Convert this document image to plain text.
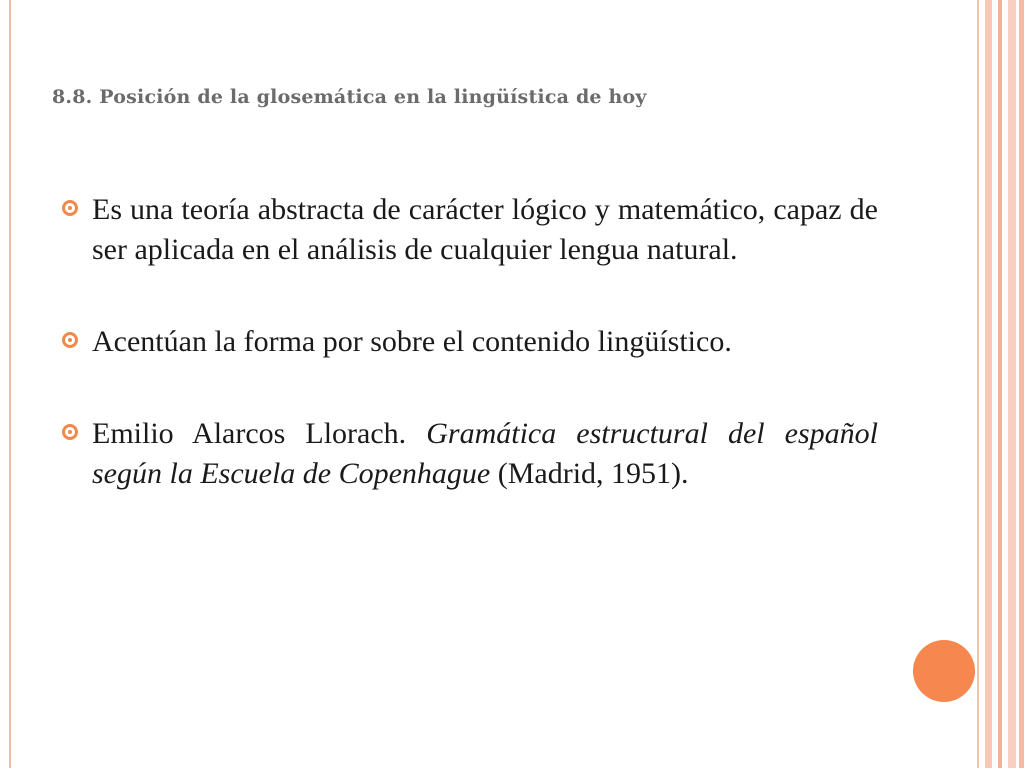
8.8. Posición de la glosemática en la lingüística de hoy
Es una teoría abstracta de carácter lógico y matemático, capaz de ser aplicada en el análisis de cualquier lengua natural.
Acentúan la forma por sobre el contenido lingüístico.
Emilio Alarcos Llorach. Gramática estructural del español según la Escuela de Copenhague (Madrid, 1951).
